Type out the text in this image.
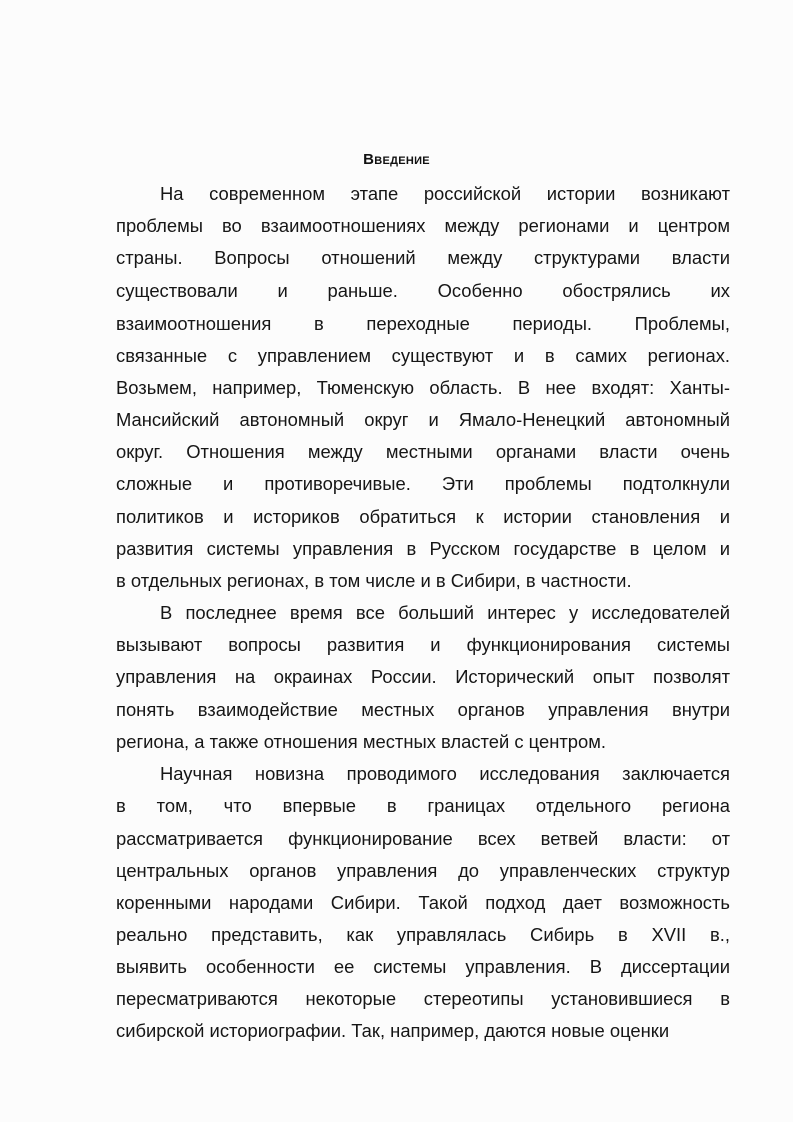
Введение

На современном этапе российской истории возникают

проблемы во взаимоотношениях между регионами и центром

страны. Вопросы отношений между структурами власти

существовали и раньше. Особенно обострялись их

взаимоотношения в переходные периоды. Проблемы,

связанные с управлением существуют и в самих регионах.

Возьмем, например, Тюменскую область. В нее входят: Ханты-

Мансийский автономный округ и Ямало-Ненецкий автономный

округ. Отношения между местными органами власти очень

сложные и противоречивые. Эти проблемы подтолкнули

политиков и историков обратиться к истории становления и

развития системы управления в Русском государстве в целом и

в отдельных регионах, в том числе и в Сибири, в частности.

В последнее время все больший интерес у исследователей

вызывают вопросы развития и функционирования системы

управления на окраинах России. Исторический опыт позволят

понять взаимодействие местных органов управления внутри

региона, а также отношения местных властей с центром.

Научная новизна проводимого исследования заключается

в том, что впервые в границах отдельного региона

рассматривается функционирование всех ветвей власти: от

центральных органов управления до управленческих структур

коренными народами Сибири. Такой подход дает возможность

реально представить, как управлялась Сибирь в XVII в.,

выявить особенности ее системы управления. В диссертации

пересматриваются некоторые стереотипы установившиеся в

сибирской историографии. Так, например, даются новые оценки
